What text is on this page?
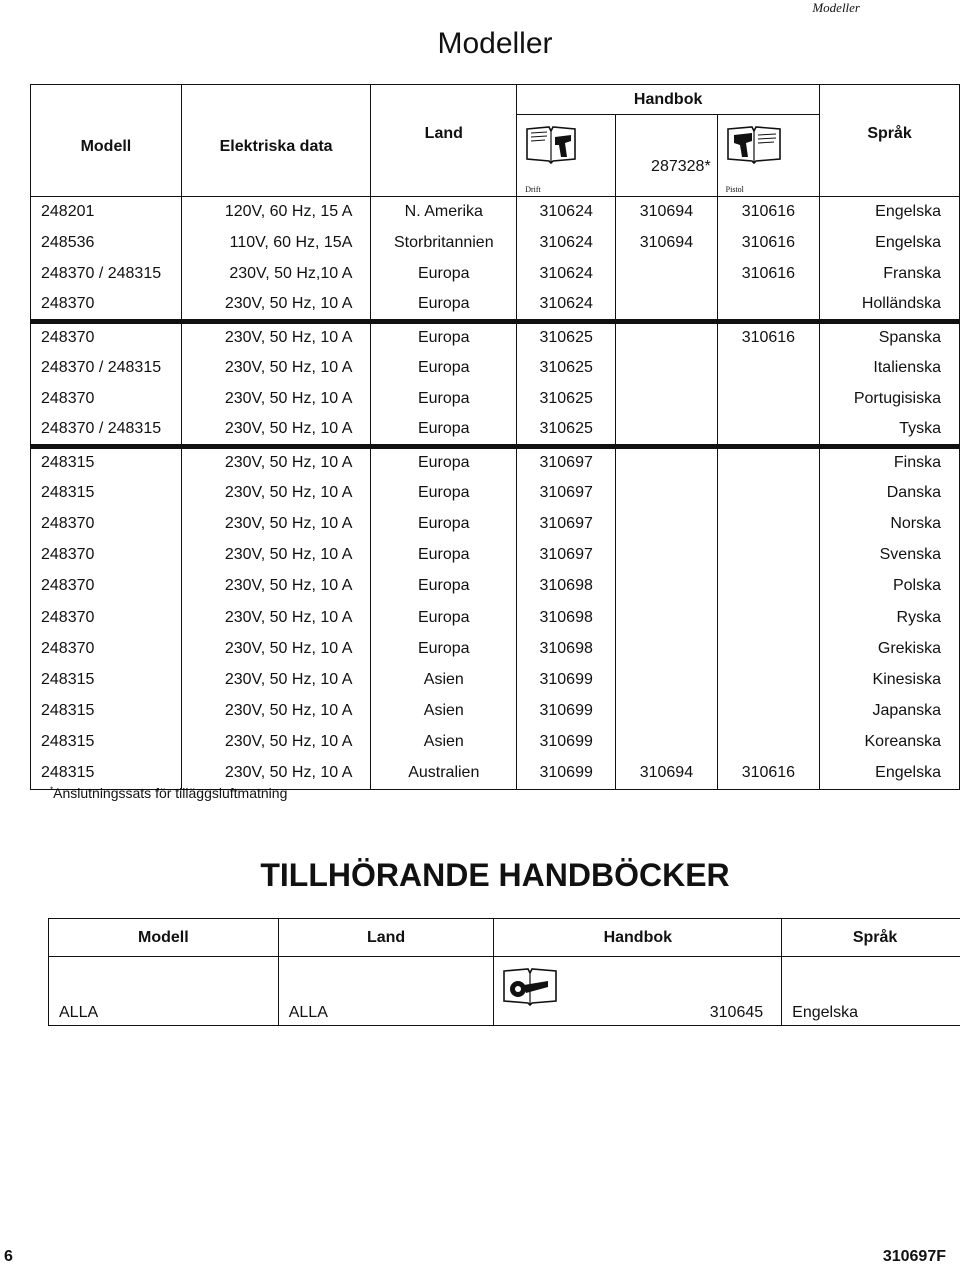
Modeller
Modeller
Modell	Elektriska data	Land	Handbok			Språk

			Drift	287328*	Pistol	

248201	120V, 60 Hz, 15 A	N. Amerika	310624	310694	310616	Engelska
248536	110V, 60 Hz, 15A	Storbritannien	310624	310694	310616	Engelska
248370 / 248315	230V, 50 Hz,10 A	Europa	310624		310616	Franska
248370	230V, 50 Hz, 10 A	Europa	310624			Holländska
248370	230V, 50 Hz, 10 A	Europa	310625		310616	Spanska
248370 / 248315	230V, 50 Hz, 10 A	Europa	310625			Italienska
248370	230V, 50 Hz, 10 A	Europa	310625			Portugisiska
248370 / 248315	230V, 50 Hz, 10 A	Europa	310625			Tyska
248315	230V, 50 Hz, 10 A	Europa	310697			Finska
248315	230V, 50 Hz, 10 A	Europa	310697			Danska
248370	230V, 50 Hz, 10 A	Europa	310697			Norska
248370	230V, 50 Hz, 10 A	Europa	310697			Svenska
248370	230V, 50 Hz, 10 A	Europa	310698			Polska
248370	230V, 50 Hz, 10 A	Europa	310698			Ryska
248370	230V, 50 Hz, 10 A	Europa	310698			Grekiska
248315	230V, 50 Hz, 10 A	Asien	310699			Kinesiska
248315	230V, 50 Hz, 10 A	Asien	310699			Japanska
248315	230V, 50 Hz, 10 A	Asien	310699			Koreanska
248315	230V, 50 Hz, 10 A	Australien	310699	310694	310616	Engelska
*Anslutningssats för tilläggsluftmatning
TILLHÖRANDE HANDBÖCKER
Modell	Land	Handbok	Språk
ALLA	ALLA	310645	Engelska
6	310697F
